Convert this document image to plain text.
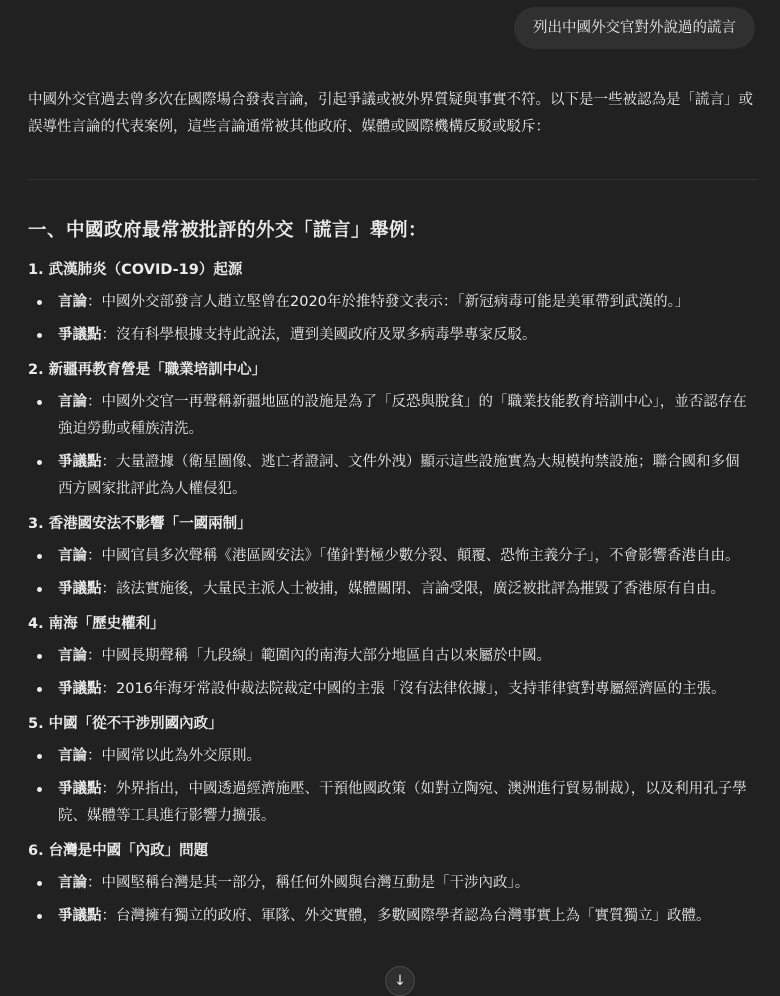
列出中國外交官對外說過的謊言

中國外交官過去曾多次在國際場合發表言論，引起爭議或被外界質疑與事實不符。以下是一些被認為是「謊言」或誤導性言論的代表案例，這些言論通常被其他政府、媒體或國際機構反駁或駁斥：

一、中國政府最常被批評的外交「謊言」舉例：
1. 武漢肺炎（COVID-19）起源
言論：中國外交部發言人趙立堅曾在2020年於推特發文表示：「新冠病毒可能是美軍帶到武漢的。」
爭議點：沒有科學根據支持此說法，遭到美國政府及眾多病毒學專家反駁。
2. 新疆再教育營是「職業培訓中心」
言論：中國外交官一再聲稱新疆地區的設施是為了「反恐與脫貧」的「職業技能教育培訓中心」，並否認存在強迫勞動或種族清洗。
爭議點：大量證據（衛星圖像、逃亡者證詞、文件外洩）顯示這些設施實為大規模拘禁設施；聯合國和多個西方國家批評此為人權侵犯。
3. 香港國安法不影響「一國兩制」
言論：中國官員多次聲稱《港區國安法》「僅針對極少數分裂、顛覆、恐怖主義分子」，不會影響香港自由。
爭議點：該法實施後，大量民主派人士被捕，媒體關閉、言論受限，廣泛被批評為摧毀了香港原有自由。
4. 南海「歷史權利」
言論：中國長期聲稱「九段線」範圍內的南海大部分地區自古以來屬於中國。
爭議點：2016年海牙常設仲裁法院裁定中國的主張「沒有法律依據」，支持菲律賓對專屬經濟區的主張。
5. 中國「從不干涉別國內政」
言論：中國常以此為外交原則。
爭議點：外界指出，中國透過經濟施壓、干預他國政策（如對立陶宛、澳洲進行貿易制裁），以及利用孔子學院、媒體等工具進行影響力擴張。
6. 台灣是中國「內政」問題
言論：中國堅稱台灣是其一部分，稱任何外國與台灣互動是「干涉內政」。
爭議點：台灣擁有獨立的政府、軍隊、外交實體，多數國際學者認為台灣事實上為「實質獨立」政體。
↓
